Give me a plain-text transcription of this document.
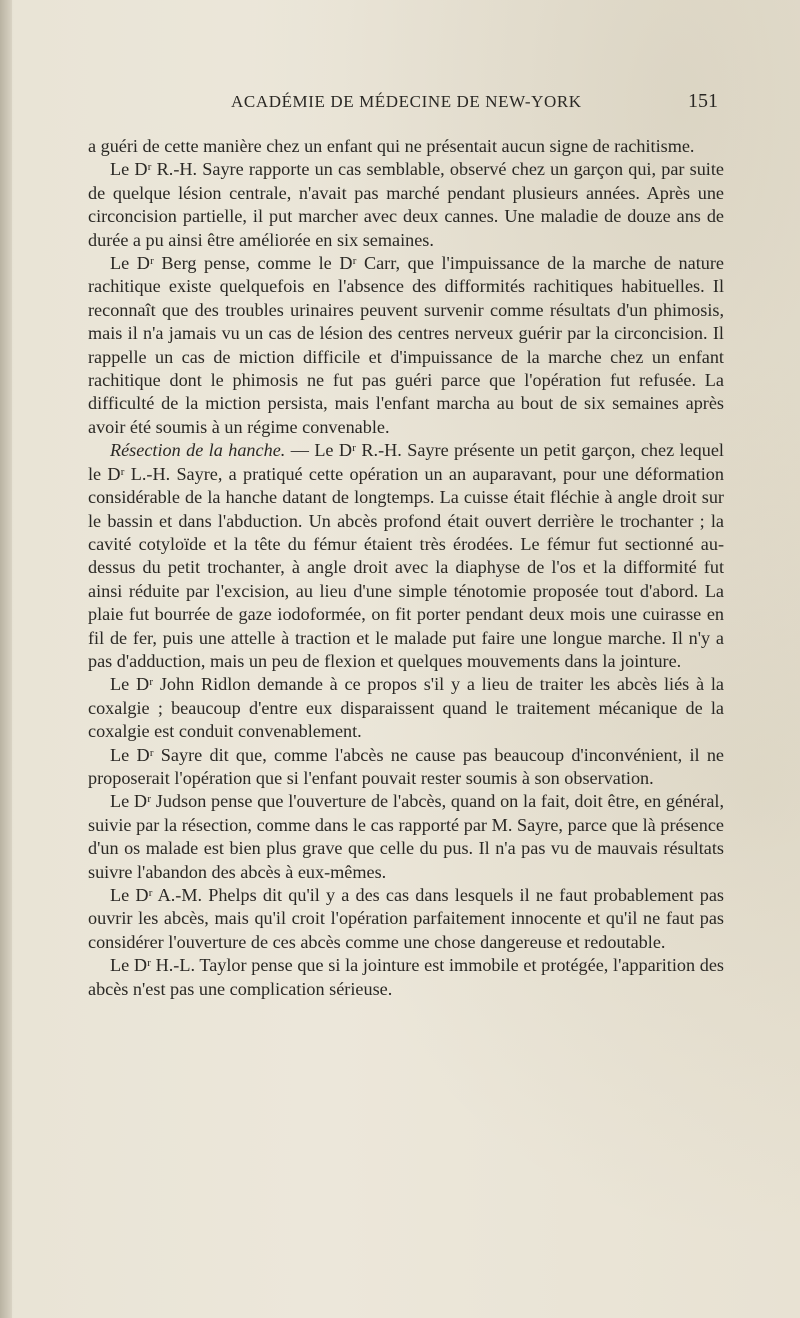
ACADÉMIE DE MÉDECINE DE NEW-YORK	151

a guéri de cette manière chez un enfant qui ne présentait aucun signe de rachitisme.

Le Dʳ R.-H. Sayre rapporte un cas semblable, observé chez un garçon qui, par suite de quelque lésion centrale, n'avait pas marché pendant plusieurs années. Après une circoncision partielle, il put marcher avec deux cannes. Une maladie de douze ans de durée a pu ainsi être améliorée en six semaines.

Le Dʳ Berg pense, comme le Dʳ Carr, que l'impuissance de la marche de nature rachitique existe quelquefois en l'absence des difformités rachitiques habituelles. Il reconnaît que des troubles urinaires peuvent survenir comme résultats d'un phimosis, mais il n'a jamais vu un cas de lésion des centres nerveux guérir par la circoncision. Il rappelle un cas de miction difficile et d'impuissance de la marche chez un enfant rachitique dont le phimosis ne fut pas guéri parce que l'opération fut refusée. La difficulté de la miction persista, mais l'enfant marcha au bout de six semaines après avoir été soumis à un régime convenable.

Résection de la hanche. — Le Dʳ R.-H. Sayre présente un petit garçon, chez lequel le Dʳ L.-H. Sayre, a pratiqué cette opération un an auparavant, pour une déformation considérable de la hanche datant de longtemps. La cuisse était fléchie à angle droit sur le bassin et dans l'abduction. Un abcès profond était ouvert derrière le trochanter ; la cavité cotyloïde et la tête du fémur étaient très érodées. Le fémur fut sectionné au-dessus du petit trochanter, à angle droit avec la diaphyse de l'os et la difformité fut ainsi réduite par l'excision, au lieu d'une simple ténotomie proposée tout d'abord. La plaie fut bourrée de gaze iodoformée, on fit porter pendant deux mois une cuirasse en fil de fer, puis une attelle à traction et le malade put faire une longue marche. Il n'y a pas d'adduction, mais un peu de flexion et quelques mouvements dans la jointure.

Le Dʳ John Ridlon demande à ce propos s'il y a lieu de traiter les abcès liés à la coxalgie ; beaucoup d'entre eux disparaissent quand le traitement mécanique de la coxalgie est conduit convenablement.

Le Dʳ Sayre dit que, comme l'abcès ne cause pas beaucoup d'inconvénient, il ne proposerait l'opération que si l'enfant pouvait rester soumis à son observation.

Le Dʳ Judson pense que l'ouverture de l'abcès, quand on la fait, doit être, en général, suivie par la résection, comme dans le cas rapporté par M. Sayre, parce que là présence d'un os malade est bien plus grave que celle du pus. Il n'a pas vu de mauvais résultats suivre l'abandon des abcès à eux-mêmes.

Le Dʳ A.-M. Phelps dit qu'il y a des cas dans lesquels il ne faut probablement pas ouvrir les abcès, mais qu'il croit l'opération parfaitement innocente et qu'il ne faut pas considérer l'ouverture de ces abcès comme une chose dangereuse et redoutable.

Le Dʳ H.-L. Taylor pense que si la jointure est immobile et protégée, l'apparition des abcès n'est pas une complication sérieuse.
